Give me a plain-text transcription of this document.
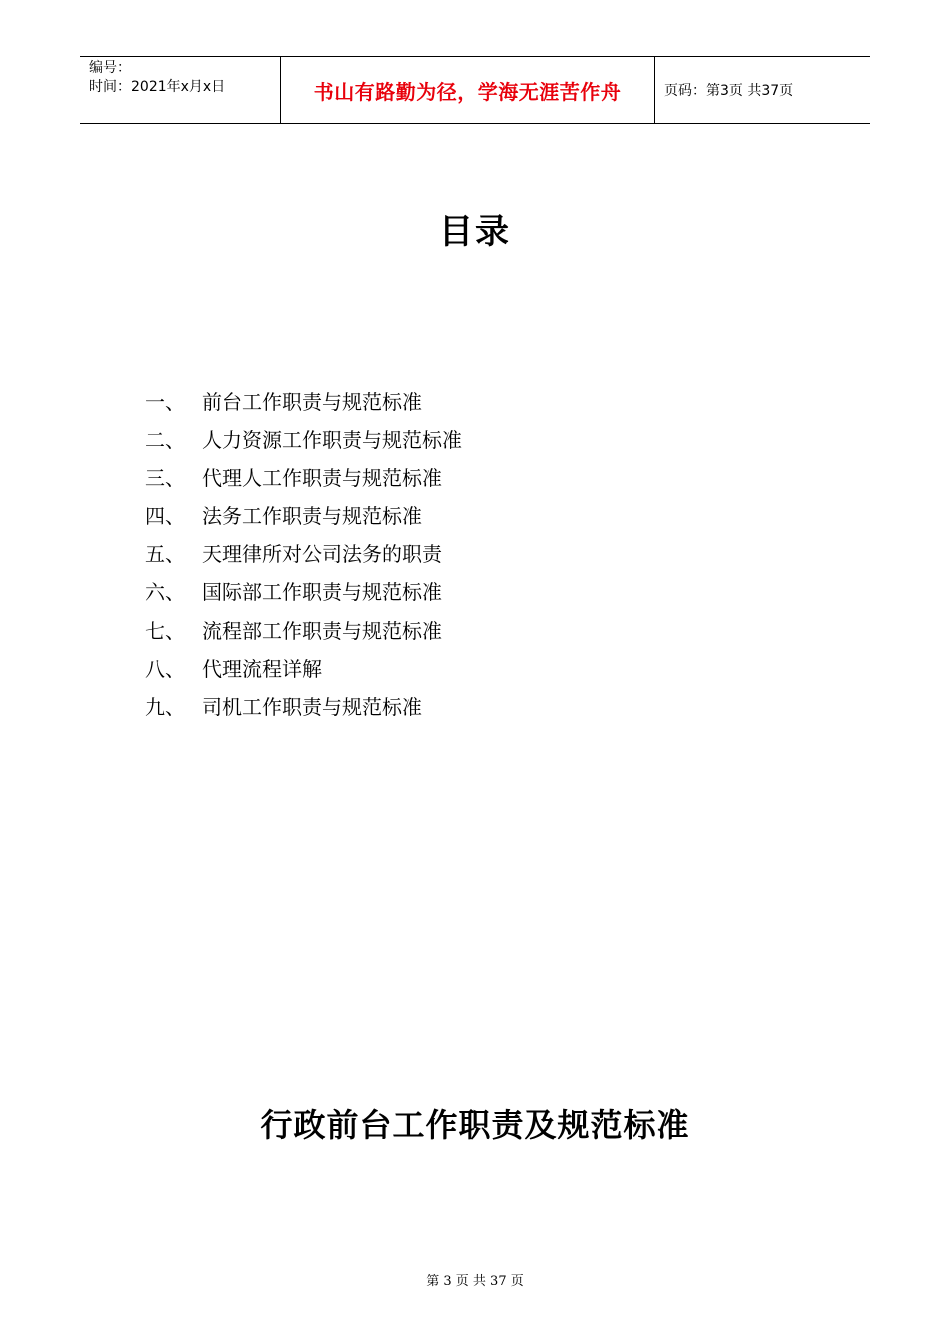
编号：
时间：2021年x月x日	书山有路勤为径，学海无涯苦作舟	页码：第3页 共37页
目录
一、 前台工作职责与规范标准
二、 人力资源工作职责与规范标准
三、 代理人工作职责与规范标准
四、 法务工作职责与规范标准
五、 天理律所对公司法务的职责
六、 国际部工作职责与规范标准
七、 流程部工作职责与规范标准
八、 代理流程详解
九、 司机工作职责与规范标准
行政前台工作职责及规范标准
第 3 页 共 37 页
